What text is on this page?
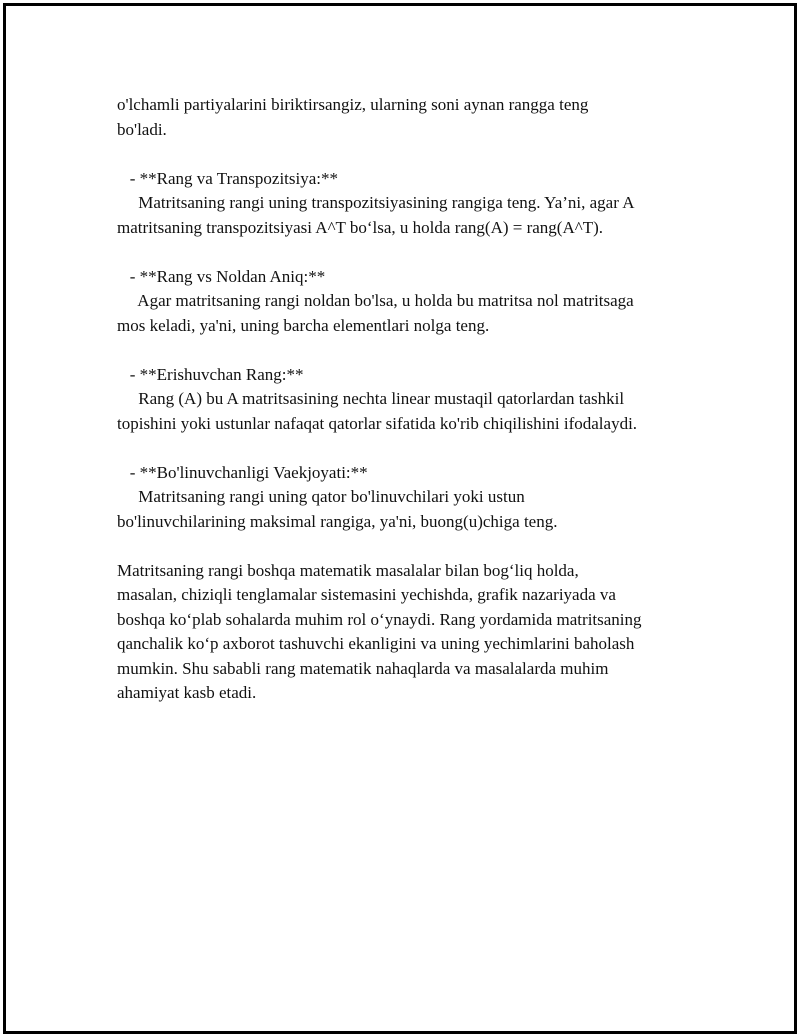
o'lchamli partiyalarini biriktirsangiz, ularning soni aynan rangga teng
bo'ladi.
- **Rang va Transpozitsiya:**
Matritsaning rangi uning transpozitsiyasining rangiga teng. Ya’ni, agar A
matritsaning transpozitsiyasi A^T bo‘lsa, u holda rang(A) = rang(A^T).
- **Rang vs Noldan Aniq:**
Agar matritsaning rangi noldan bo'lsa, u holda bu matritsa nol matritsaga
mos keladi, ya'ni, uning barcha elementlari nolga teng.
- **Erishuvchan Rang:**
Rang (A) bu A matritsasining nechta linear mustaqil qatorlardan tashkil
topishini yoki ustunlar nafaqat qatorlar sifatida ko'rib chiqilishini ifodalaydi.
- **Bo'linuvchanligi Vaekjoyati:**
Matritsaning rangi uning qator bo'linuvchilari yoki ustun
bo'linuvchilarining maksimal rangiga, ya'ni, buong(u)chiga teng.
Matritsaning rangi boshqa matematik masalalar bilan bog‘liq holda,
masalan, chiziqli tenglamalar sistemasini yechishda, grafik nazariyada va
boshqa ko‘plab sohalarda muhim rol o‘ynaydi. Rang yordamida matritsaning
qanchalik ko‘p axborot tashuvchi ekanligini va uning yechimlarini baholash
mumkin. Shu sababli rang matematik nahaqlarda va masalalarda muhim
ahamiyat kasb etadi.
